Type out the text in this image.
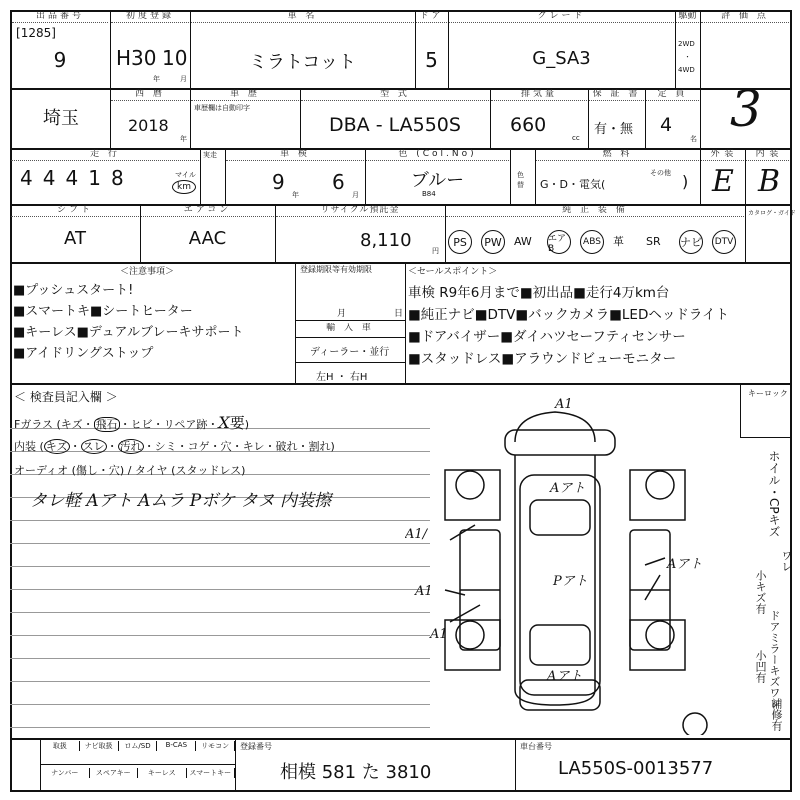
出品番号
[1285]
9
初度登録
H30 10
年	月
車 名
ミラトコット
ドア
5
グレード
G_SA3
駆動
2WD
・
4WD
評 価 点
3
埼玉
西 暦
2018
年
車 歴
車歴欄は自動印字
型 式
DBA - LA550S
排気量
660
cc
保 証 書
有・無
定 員
4
名
走 行
4 4 4 1 8	マイル
km
実走	車 検
9
年
6
月
色 (Col.No)
ブルー
B84
色替
燃 料
G・D・電気(
その他 )
外 装
E
内 装
B
シフト
AT
エアコン
AAC
リサイクル預託金
8,110	円
純 正 装 備
PS	PW AW エアB
ABS 革 SR ナビ	DTV
カタログ・ガイド
＜注意事項＞
■プッシュスタート!
■スマートキ■シートヒーター
■キーレス■デュアルブレーキサポート
■アイドリングストップ
登録期限等有効期限
月	日
輸 入 車
ディーラー・並行
左H ・ 右H
＜セールスポイント＞
車検 R9年6月まで■初出品■走行4万km台
■純正ナビ■DTV■バックカメラ■LEDヘッドライト
■ドアバイザー■ダイハツセーフティセンサー
■スタッドレス■アラウンドビューモニター
＜ 検査員記入欄 ＞
Fガラス (キズ・ 飛石 ・ヒビ・リペア跡・X要)
内装 ( キズ ・ スレ ・ 汚れ ・シミ・コゲ・穴・キレ・破れ・割れ)
オーディオ (傷し・穴) / タイヤ (スタッドレス)
タレ軽 Aアト Aムラ Pボケ タヌ 内装擦
キーロック
A1
Aアト
A1/
A1
A1
Pアト
Aアト
Aアト
ホイル・CPキズ
ワレ
小キズ有
ドアミラーキズワレ
小凹有
補修有
取扱	ナビ取扱	ロム/SD	B-CAS	リモコン
ナンバー	スペアキー	キーレス	スマートキー
登録番号
相模 581 た 3810
車台番号
LA550S-0013577
